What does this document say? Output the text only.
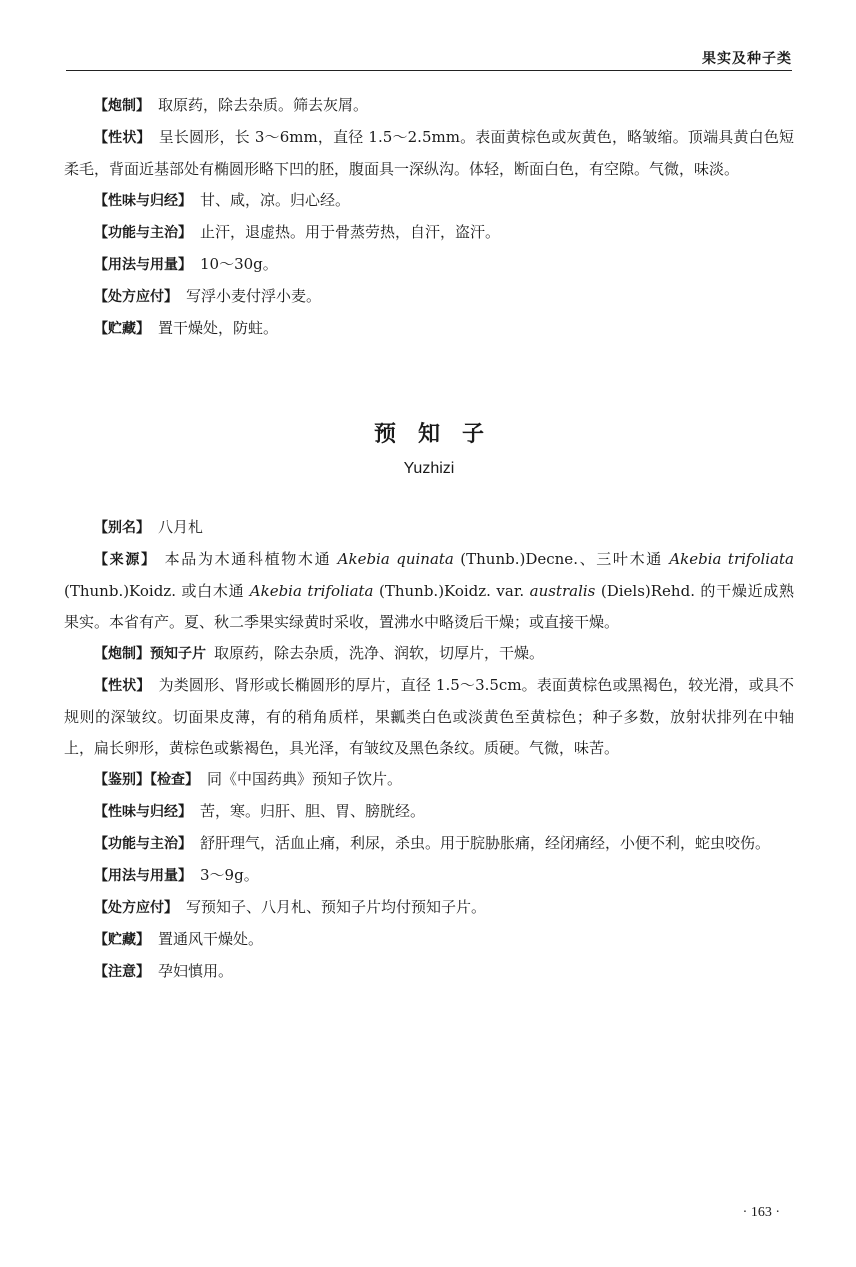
果实及种子类

【炮制】 取原药，除去杂质。筛去灰屑。

【性状】 呈长圆形，长 3～6mm，直径 1.5～2.5mm。表面黄棕色或灰黄色，略皱缩。顶端具黄白色短柔毛，背面近基部处有椭圆形略下凹的胚，腹面具一深纵沟。体轻，断面白色，有空隙。气微，味淡。

【性味与归经】 甘、咸，凉。归心经。

【功能与主治】 止汗，退虚热。用于骨蒸劳热，自汗，盗汗。

【用法与用量】 10～30g。

【处方应付】 写浮小麦付浮小麦。

【贮藏】 置干燥处，防蛀。

预知子
Yuzhizi

【别名】 八月札

【来源】 本品为木通科植物木通 Akebia quinata (Thunb.)Decne.、三叶木通 Akebia trifoliata (Thunb.)Koidz. 或白木通 Akebia trifoliata (Thunb.)Koidz. var. australis (Diels)Rehd. 的干燥近成熟果实。本省有产。夏、秋二季果实绿黄时采收，置沸水中略烫后干燥；或直接干燥。

【炮制】预知子片 取原药，除去杂质，洗净、润软，切厚片，干燥。

【性状】 为类圆形、肾形或长椭圆形的厚片，直径 1.5～3.5cm。表面黄棕色或黑褐色，较光滑，或具不规则的深皱纹。切面果皮薄，有的稍角质样，果瓤类白色或淡黄色至黄棕色；种子多数，放射状排列在中轴上，扁长卵形，黄棕色或紫褐色，具光泽，有皱纹及黑色条纹。质硬。气微，味苦。

【鉴别】【检查】 同《中国药典》预知子饮片。

【性味与归经】 苦，寒。归肝、胆、胃、膀胱经。

【功能与主治】 舒肝理气，活血止痛，利尿，杀虫。用于脘胁胀痛，经闭痛经，小便不利，蛇虫咬伤。

【用法与用量】 3～9g。

【处方应付】 写预知子、八月札、预知子片均付预知子片。

【贮藏】 置通风干燥处。

【注意】 孕妇慎用。

· 163 ·
